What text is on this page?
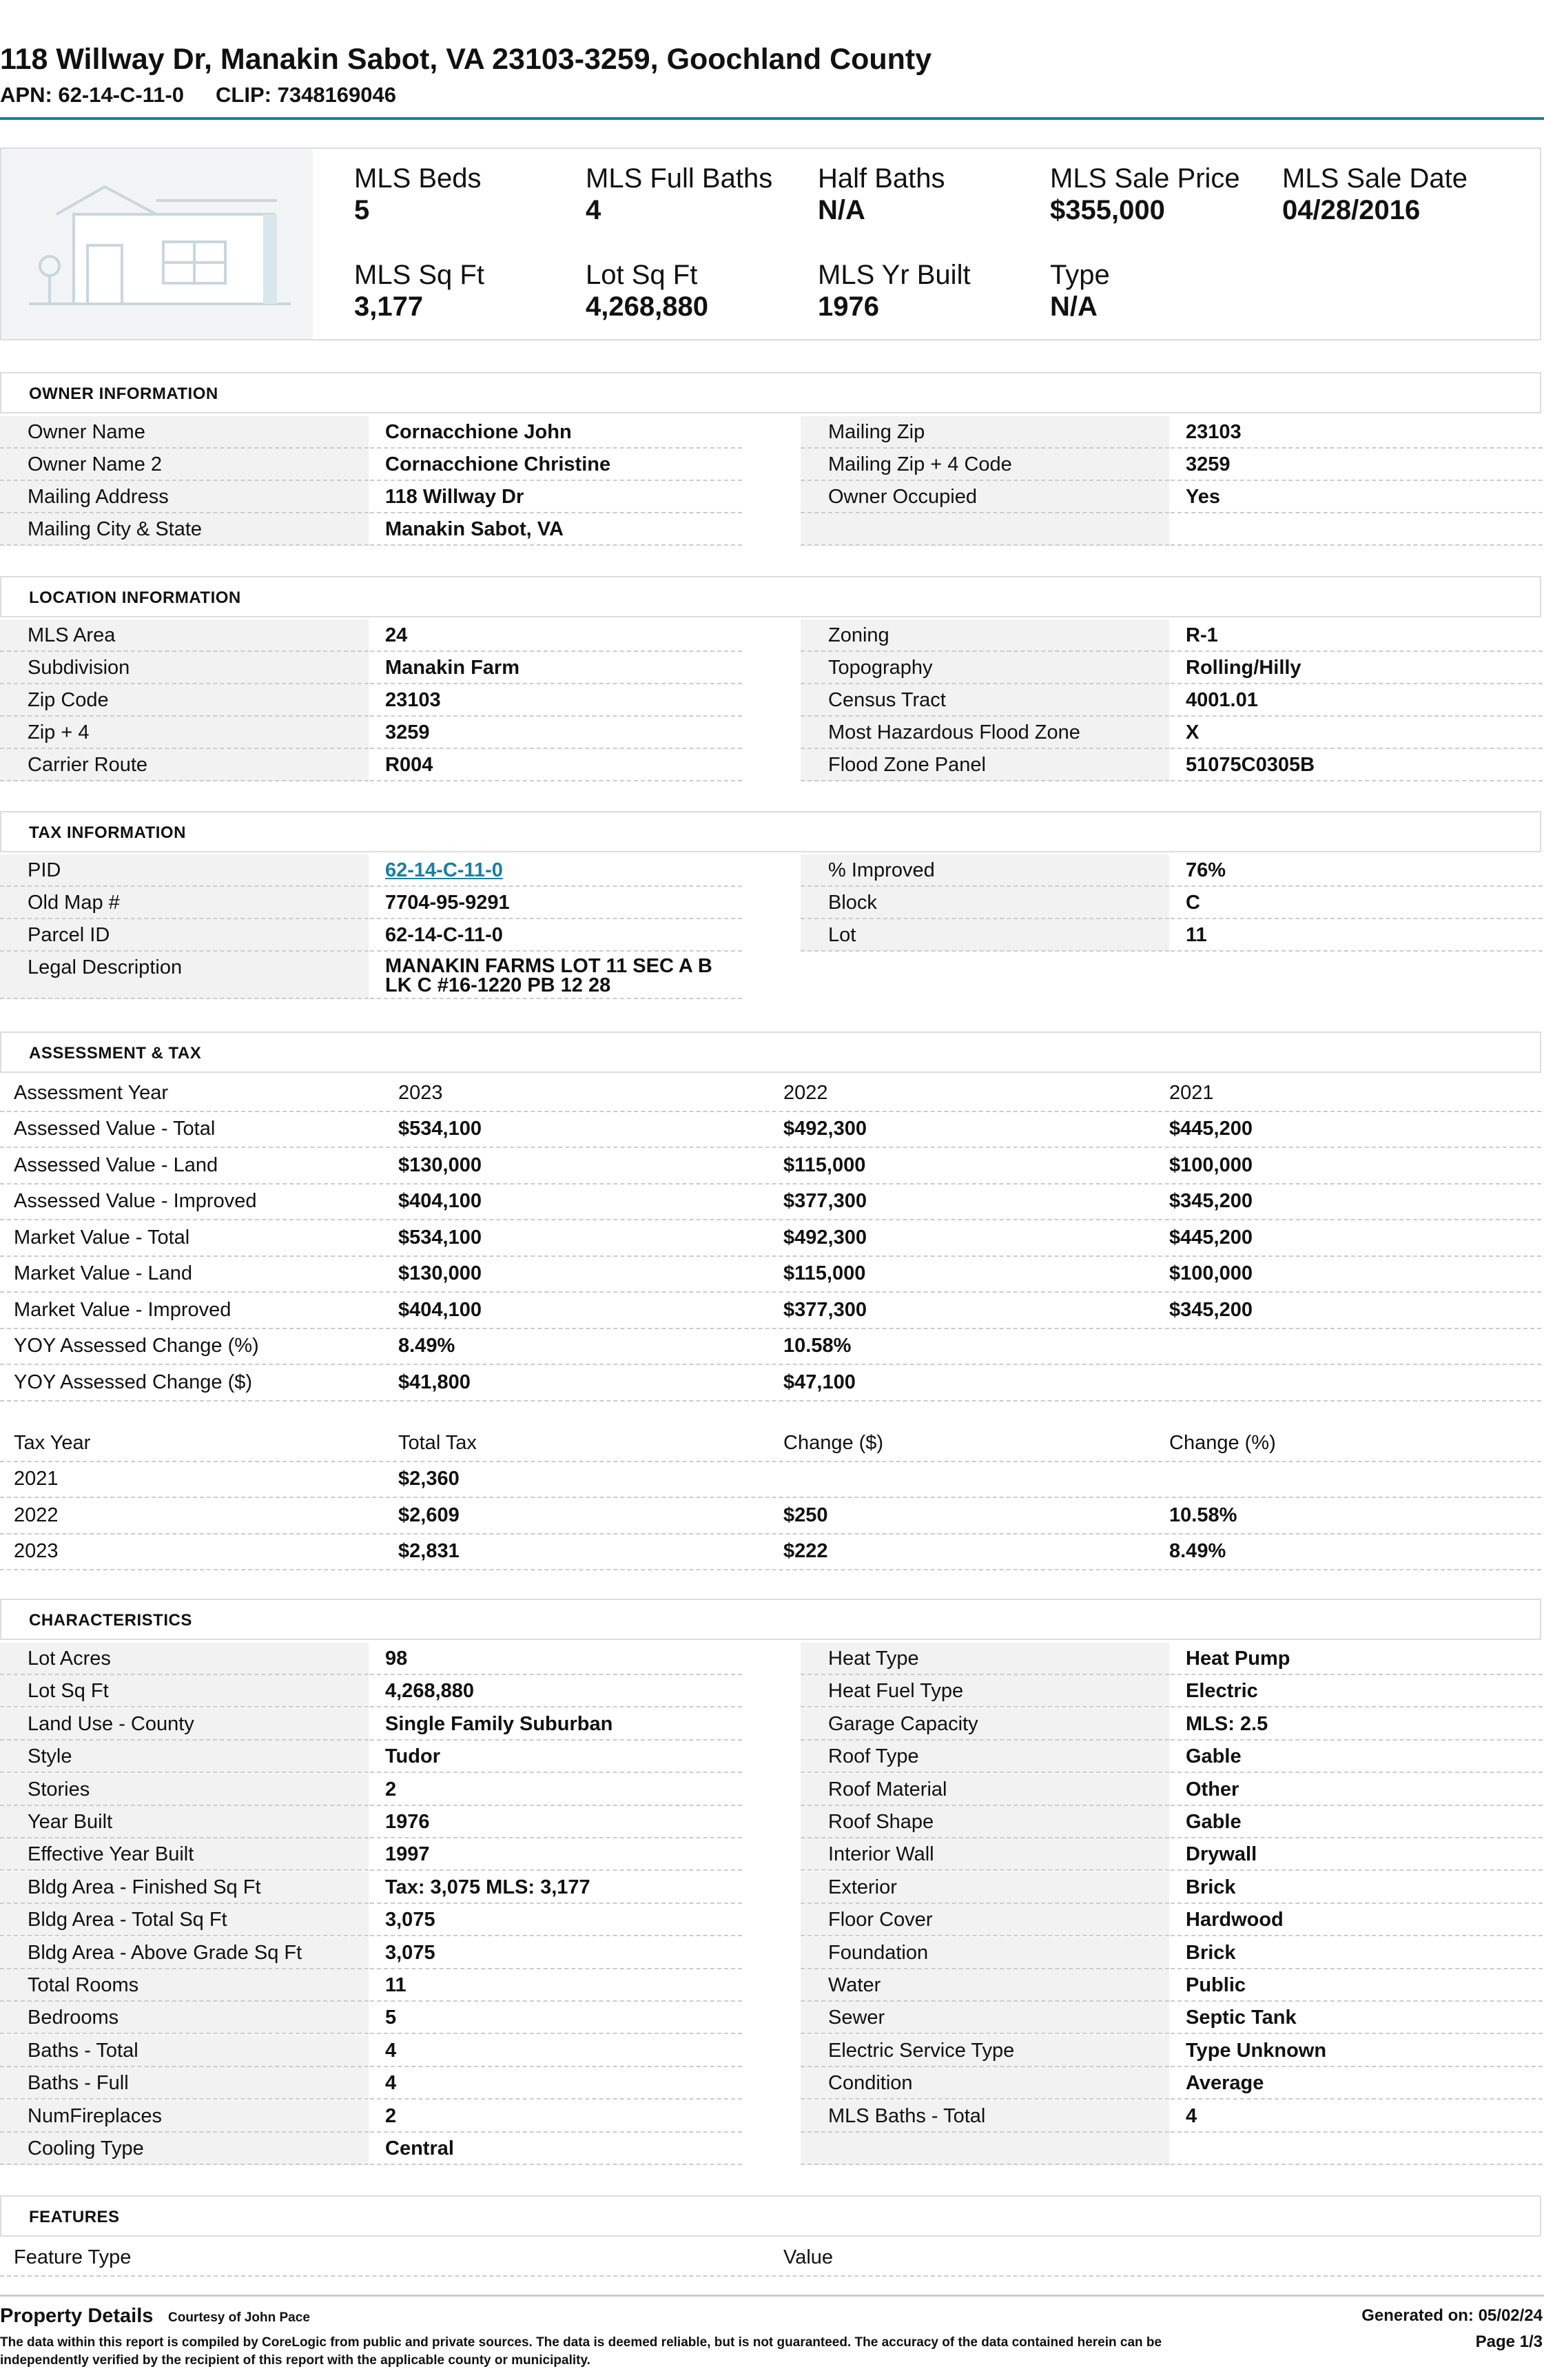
118 Willway Dr, Manakin Sabot, VA 23103-3259, Goochland County
APN: 62-14-C-11-0 CLIP: 7348169046
MLS Beds
5
MLS Full Baths
4
Half Baths
N/A
MLS Sale Price
$355,000
MLS Sale Date
04/28/2016
MLS Sq Ft
3,177
Lot Sq Ft
4,268,880
MLS Yr Built
1976
Type
N/A
OWNER INFORMATION
Owner Name	Cornacchione John
Owner Name 2	Cornacchione Christine
Mailing Address	118 Willway Dr
Mailing City & State	Manakin Sabot, VA
Mailing Zip	23103
Mailing Zip + 4 Code	3259
Owner Occupied	Yes
LOCATION INFORMATION
MLS Area	24
Subdivision	Manakin Farm
Zip Code	23103
Zip + 4	3259
Carrier Route	R004
Zoning	R-1
Topography	Rolling/Hilly
Census Tract	4001.01
Most Hazardous Flood Zone	X
Flood Zone Panel	51075C0305B
TAX INFORMATION
PID	62-14-C-11-0
Old Map #	7704-95-9291
Parcel ID	62-14-C-11-0
Legal Description	MANAKIN FARMS LOT 11 SEC A B LK C #16-1220 PB 12 28
% Improved	76%
Block	C
Lot	11
ASSESSMENT & TAX
Assessment Year	2023	2022	2021
Assessed Value - Total	$534,100	$492,300	$445,200
Assessed Value - Land	$130,000	$115,000	$100,000
Assessed Value - Improved	$404,100	$377,300	$345,200
Market Value - Total	$534,100	$492,300	$445,200
Market Value - Land	$130,000	$115,000	$100,000
Market Value - Improved	$404,100	$377,300	$345,200
YOY Assessed Change (%)	8.49%	10.58%
YOY Assessed Change ($)	$41,800	$47,100
Tax Year	Total Tax	Change ($)	Change (%)
2021	$2,360
2022	$2,609	$250	10.58%
2023	$2,831	$222	8.49%
CHARACTERISTICS
Lot Acres	98
Lot Sq Ft	4,268,880
Land Use - County	Single Family Suburban
Style	Tudor
Stories	2
Year Built	1976
Effective Year Built	1997
Bldg Area - Finished Sq Ft	Tax: 3,075 MLS: 3,177
Bldg Area - Total Sq Ft	3,075
Bldg Area - Above Grade Sq Ft	3,075
Total Rooms	11
Bedrooms	5
Baths - Total	4
Baths - Full	4
NumFireplaces	2
Cooling Type	Central
Heat Type	Heat Pump
Heat Fuel Type	Electric
Garage Capacity	MLS: 2.5
Roof Type	Gable
Roof Material	Other
Roof Shape	Gable
Interior Wall	Drywall
Exterior	Brick
Floor Cover	Hardwood
Foundation	Brick
Water	Public
Sewer	Septic Tank
Electric Service Type	Type Unknown
Condition	Average
MLS Baths - Total	4
FEATURES
Feature Type	Value
Property Details Courtesy of John Pace	Generated on: 05/02/24
Page 1/3
The data within this report is compiled by CoreLogic from public and private sources. The data is deemed reliable, but is not guaranteed. The accuracy of the data contained herein can be independently verified by the recipient of this report with the applicable county or municipality.
